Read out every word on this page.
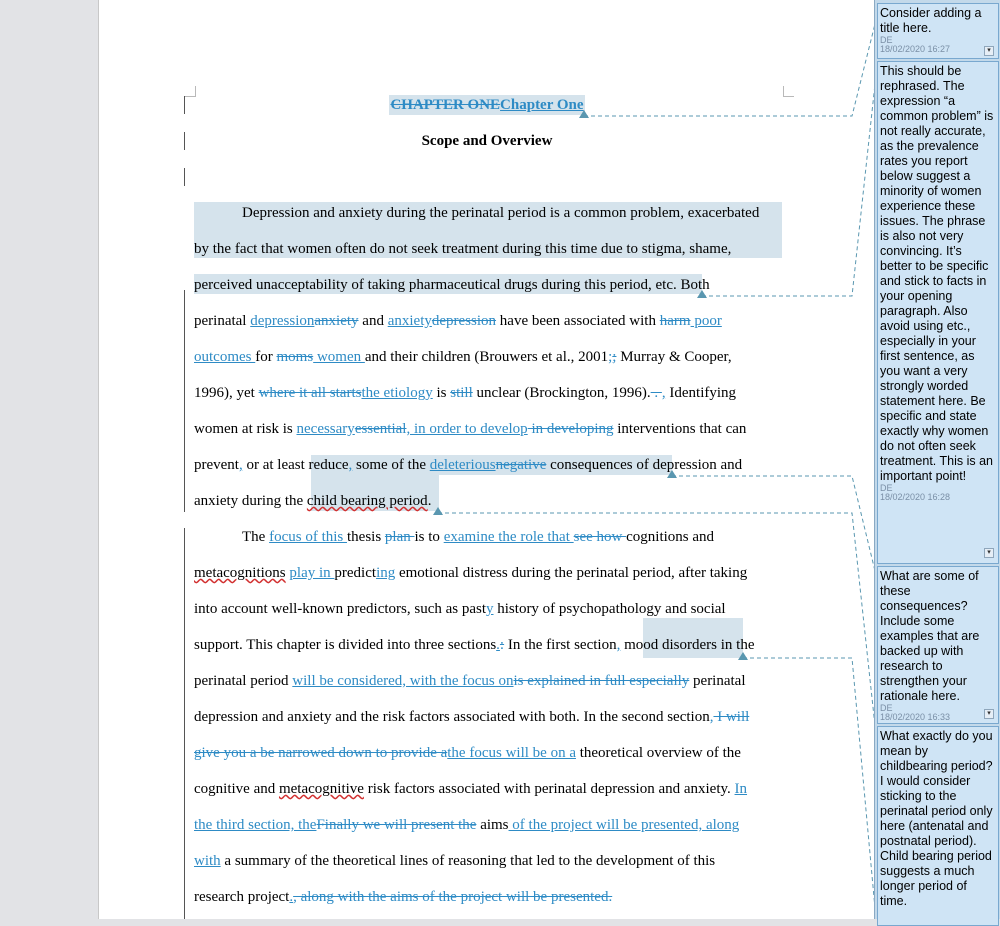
CHAPTER ONEChapter One
Scope and Overview
Depression and anxiety during the perinatal period is a common problem, exacerbated
by the fact that women often do not seek treatment during this time due to stigma, shame,
perceived unacceptability of taking pharmaceutical drugs during this period, etc. Both
perinatal depressionanxiety and anxietydepression have been associated with harm poor
outcomes for moms women and their children (Brouwers et al., 2001;; Murray & Cooper,
1996), yet where it all startsthe etiology is still unclear (Brockington, 1996). . , Identifying
women at risk is necessaryessential, in order to develop in developing interventions that can
prevent, or at least reduce, some of the deleteriousnegative consequences of depression and
anxiety during the child bearing period.
The focus of this thesis plan is to examine the role that see how cognitions and
metacognitions play in predicting emotional distress during the perinatal period, after taking
into account well-known predictors, such as pasty history of psychopathology and social
support. This chapter is divided into three sections.: In the first section, mood disorders in the
perinatal period will be considered, with the focus onis explained in full especially perinatal
depression and anxiety and the risk factors associated with both. In the second section, I will
give you a be narrowed down to provide athe focus will be on a theoretical overview of the
cognitive and metacognitive risk factors associated with perinatal depression and anxiety. In
the third section, theFinally we will present the aims of the project will be presented, along
with a summary of the theoretical lines of reasoning that led to the development of this
research project., along with the aims of the project will be presented.
Consider adding a title here.
DE
18/02/2020 16:27	▾
This should be rephrased. The expression “a common problem” is not really accurate, as the prevalence rates you report below suggest a minority of women experience these issues. The phrase is also not very convincing. It’s better to be specific and stick to facts in your opening paragraph. Also avoid using etc., especially in your first sentence, as you want a very strongly worded statement here. Be specific and state exactly why women do not often seek treatment. This is an important point!
DE
18/02/2020 16:28
▾
What are some of these consequences? Include some examples that are backed up with research to strengthen your rationale here.
DE
18/02/2020 16:33	▾
What exactly do you mean by childbearing period? I would consider sticking to the perinatal period only here (antenatal and postnatal period). Child bearing period suggests a much longer period of time.
